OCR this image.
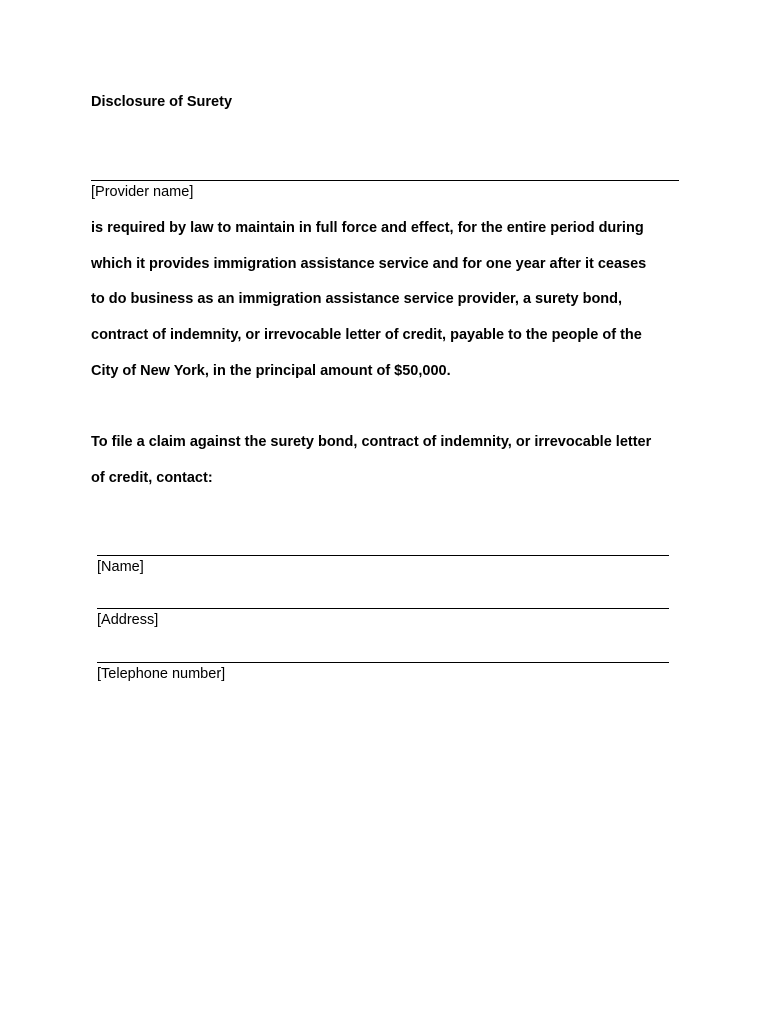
Disclosure of Surety
[Provider name]
is required by law to maintain in full force and effect, for the entire period during
which it provides immigration assistance service and for one year after it ceases
to do business as an immigration assistance service provider, a surety bond,
contract of indemnity, or irrevocable letter of credit, payable to the people of the
City of New York, in the principal amount of $50,000.
To file a claim against the surety bond, contract of indemnity, or irrevocable letter
of credit, contact:
[Name]
[Address]
[Telephone number]
